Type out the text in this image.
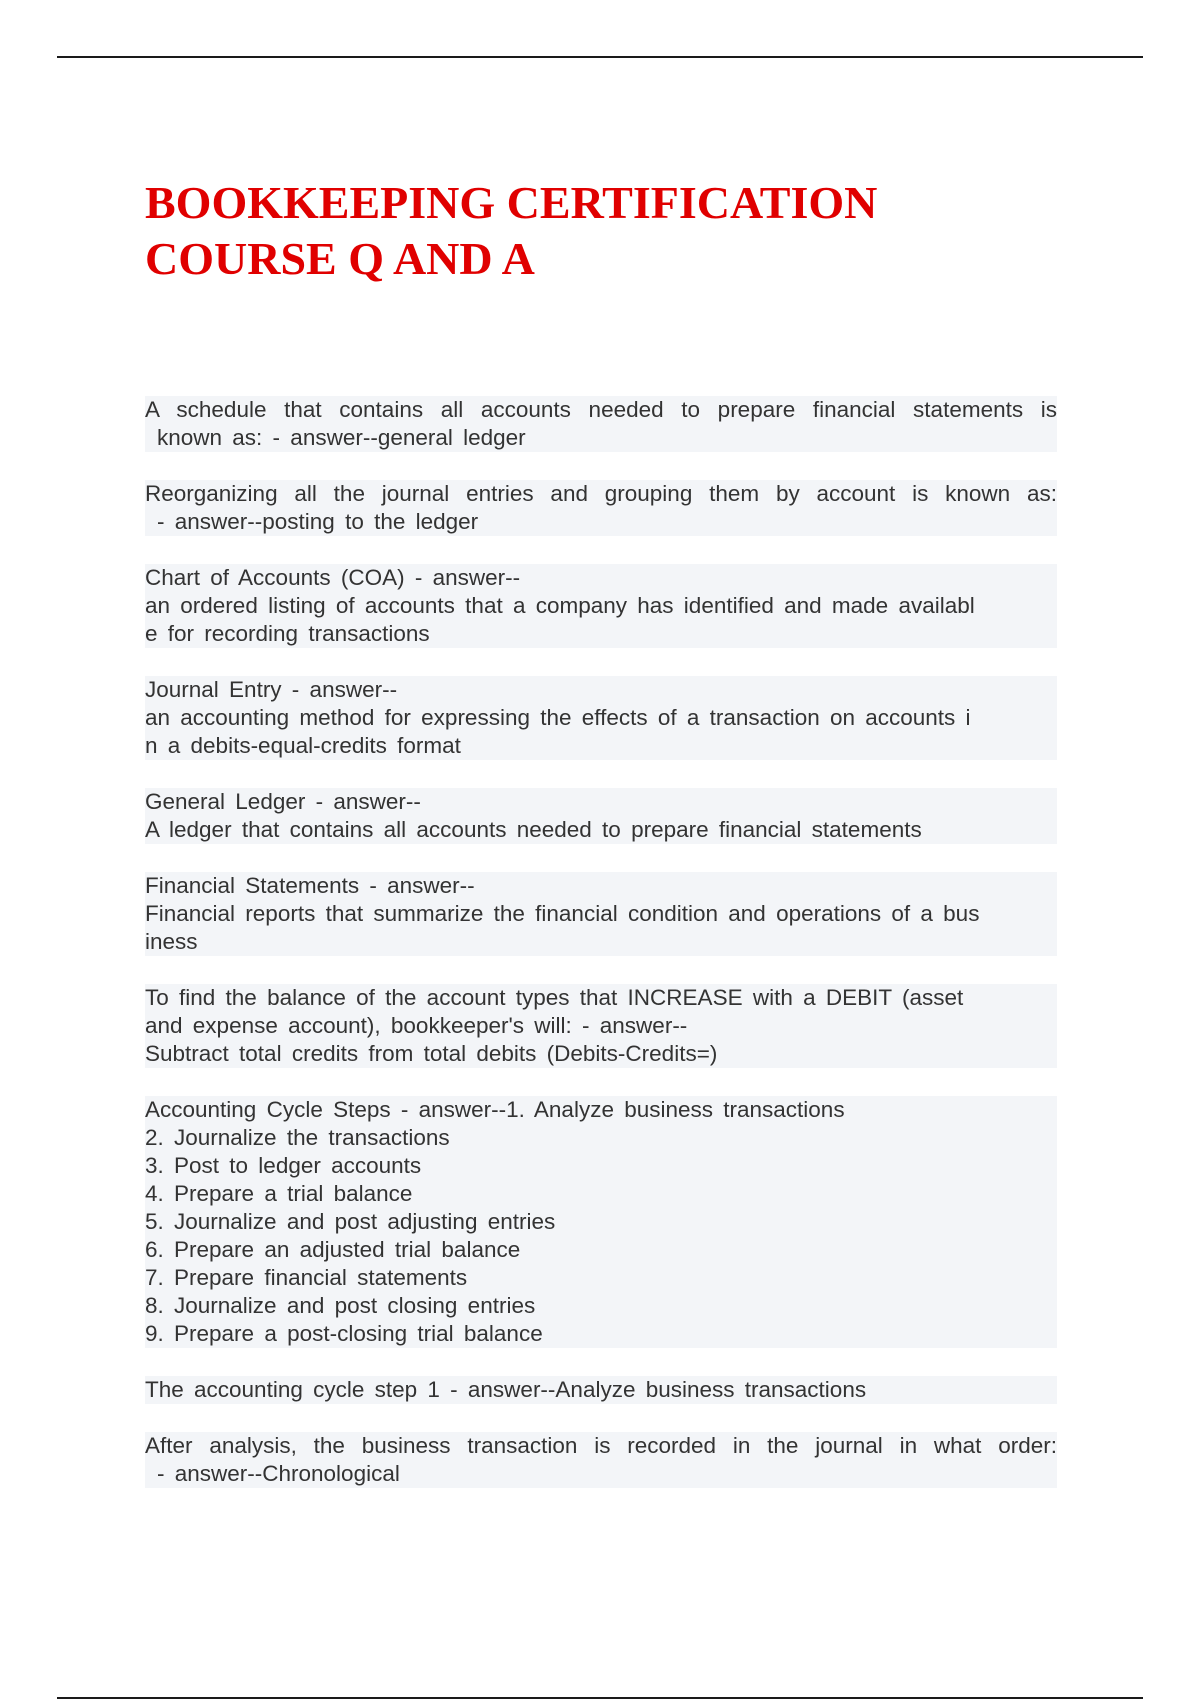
BOOKKEEPING CERTIFICATION
COURSE Q AND A
A schedule that contains all accounts needed to prepare financial statements is
known as: - answer--general ledger
Reorganizing all the journal entries and grouping them by account is known as:
- answer--posting to the ledger
Chart of Accounts (COA) - answer--
an ordered listing of accounts that a company has identified and made availabl
e for recording transactions
Journal Entry - answer--
an accounting method for expressing the effects of a transaction on accounts i
n a debits-equal-credits format
General Ledger - answer--
A ledger that contains all accounts needed to prepare financial statements
Financial Statements - answer--
Financial reports that summarize the financial condition and operations of a bus
iness
To find the balance of the account types that INCREASE with a DEBIT (asset
and expense account), bookkeeper's will: - answer--
Subtract total credits from total debits (Debits-Credits=)
Accounting Cycle Steps - answer--1. Analyze business transactions
2. Journalize the transactions
3. Post to ledger accounts
4. Prepare a trial balance
5. Journalize and post adjusting entries
6. Prepare an adjusted trial balance
7. Prepare financial statements
8. Journalize and post closing entries
9. Prepare a post-closing trial balance
The accounting cycle step 1 - answer--Analyze business transactions
After analysis, the business transaction is recorded in the journal in what order:
- answer--Chronological
